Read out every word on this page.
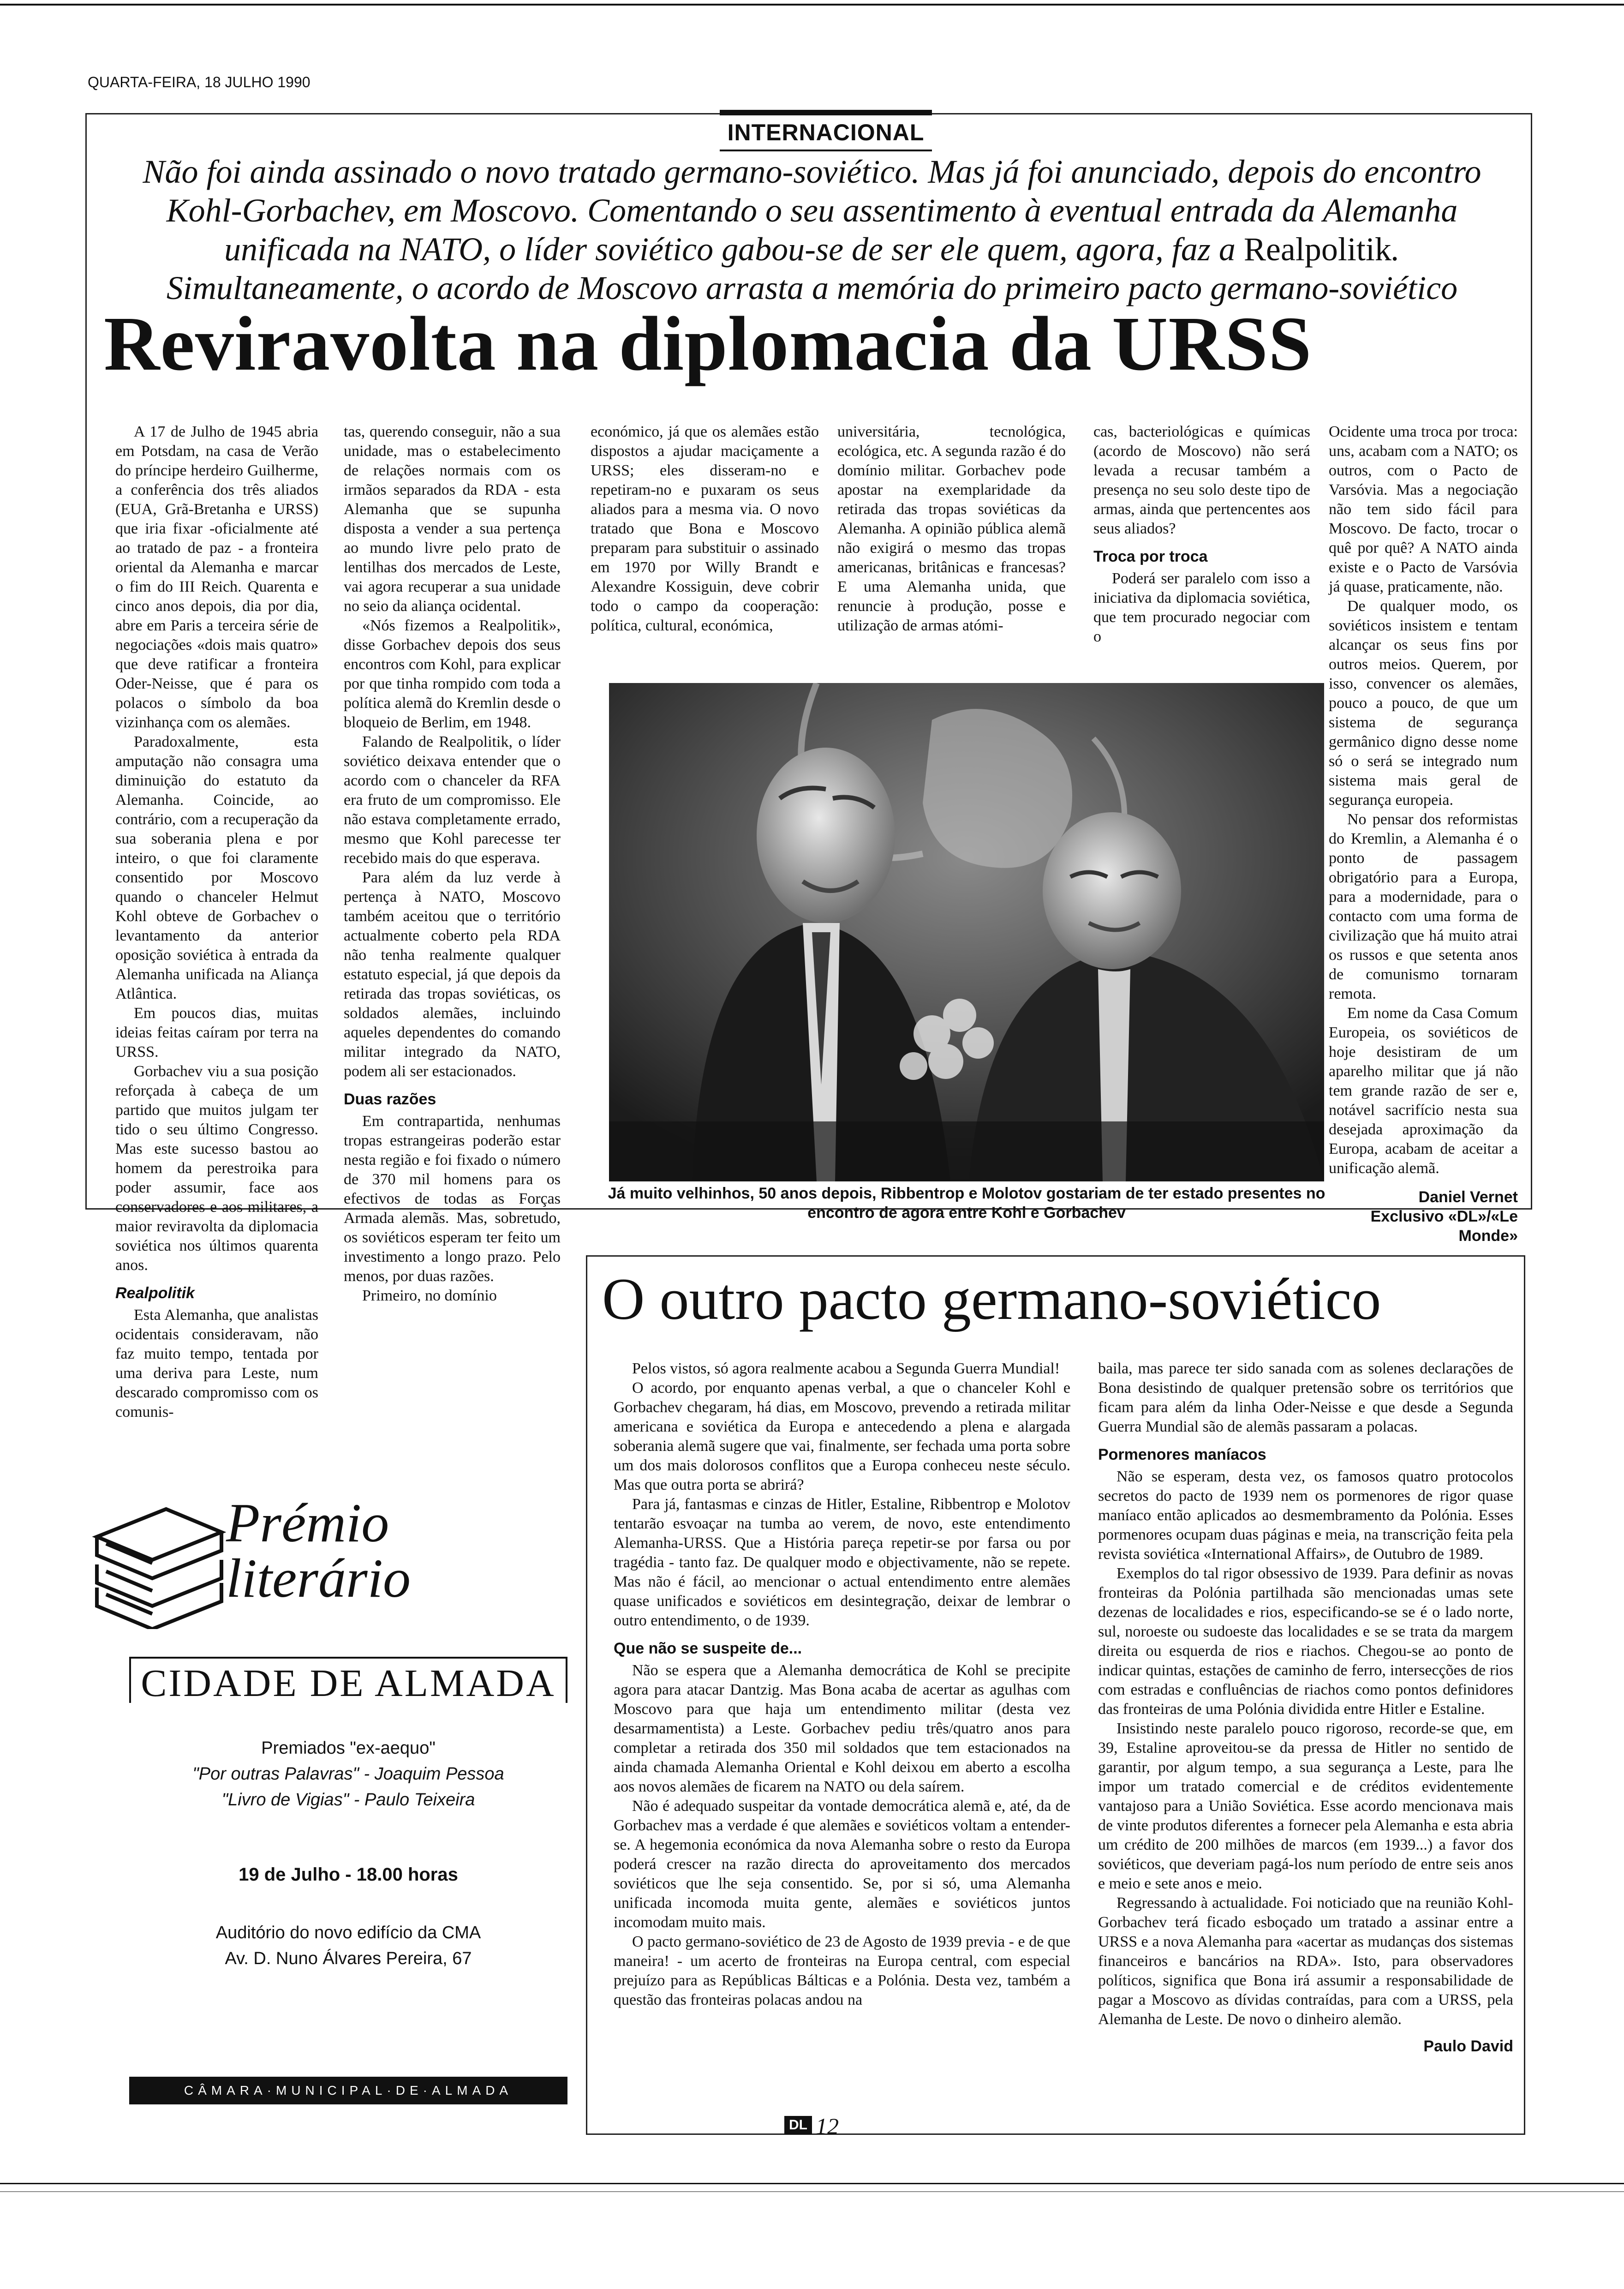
QUARTA-FEIRA, 18 JULHO 1990
INTERNACIONAL
Não foi ainda assinado o novo tratado germano-soviético. Mas já foi anunciado, depois do encontro Kohl-Gorbachev, em Moscovo. Comentando o seu assentimento à eventual entrada da Alemanha unificada na NATO, o líder soviético gabou-se de ser ele quem, agora, faz a Realpolitik. Simultaneamente, o acordo de Moscovo arrasta a memória do primeiro pacto germano-soviético
Reviravolta na diplomacia da URSS

A 17 de Julho de 1945 abria em Potsdam, na casa de Verão do príncipe herdeiro Guilherme, a conferência dos três aliados (EUA, Grã-Bretanha e URSS) que iria fixar -oficialmente até ao tratado de paz - a fronteira oriental da Alemanha e marcar o fim do III Reich. Quarenta e cinco anos depois, dia por dia, abre em Paris a terceira série de negociações «dois mais quatro» que deve ratificar a fronteira Oder-Neisse, que é para os polacos o símbolo da boa vizinhança com os alemães.

Paradoxalmente, esta amputação não consagra uma diminuição do estatuto da Alemanha. Coincide, ao contrário, com a recuperação da sua soberania plena e por inteiro, o que foi claramente consentido por Moscovo quando o chanceler Helmut Kohl obteve de Gorbachev o levantamento da anterior oposição soviética à entrada da Alemanha unificada na Aliança Atlântica.

Em poucos dias, muitas ideias feitas caíram por terra na URSS.

Gorbachev viu a sua posição reforçada à cabeça de um partido que muitos julgam ter tido o seu último Congresso. Mas este sucesso bastou ao homem da perestroika para poder assumir, face aos conservadores e aos militares, a maior reviravolta da diplomacia soviética nos últimos quarenta anos.

Realpolitik

Esta Alemanha, que analistas ocidentais consideravam, não faz muito tempo, tentada por uma deriva para Leste, num descarado compromisso com os comunis-

tas, querendo conseguir, não a sua unidade, mas o estabelecimento de relações normais com os irmãos separados da RDA - esta Alemanha que se supunha disposta a vender a sua pertença ao mundo livre pelo prato de lentilhas dos mercados de Leste, vai agora recuperar a sua unidade no seio da aliança ocidental.

«Nós fizemos a Realpolitik», disse Gorbachev depois dos seus encontros com Kohl, para explicar por que tinha rompido com toda a política alemã do Kremlin desde o bloqueio de Berlim, em 1948.

Falando de Realpolitik, o líder soviético deixava entender que o acordo com o chanceler da RFA era fruto de um compromisso. Ele não estava completamente errado, mesmo que Kohl parecesse ter recebido mais do que esperava.

Para além da luz verde à pertença à NATO, Moscovo também aceitou que o território actualmente coberto pela RDA não tenha realmente qualquer estatuto especial, já que depois da retirada das tropas soviéticas, os soldados alemães, incluindo aqueles dependentes do comando militar integrado da NATO, podem ali ser estacionados.

Duas razões

Em contrapartida, nenhumas tropas estrangeiras poderão estar nesta região e foi fixado o número de 370 mil homens para os efectivos de todas as Forças Armada alemãs. Mas, sobretudo, os soviéticos esperam ter feito um investimento a longo prazo. Pelo menos, por duas razões.

Primeiro, no domínio

económico, já que os alemães estão dispostos a ajudar maciçamente a URSS; eles disseram-no e repetiram-no e puxaram os seus aliados para a mesma via. O novo tratado que Bona e Moscovo preparam para substituir o assinado em 1970 por Willy Brandt e Alexandre Kossiguin, deve cobrir todo o campo da cooperação: política, cultural, económica,

universitária, tecnológica, ecológica, etc. A segunda razão é do domínio militar. Gorbachev pode apostar na exemplaridade da retirada das tropas soviéticas da Alemanha. A opinião pública alemã não exigirá o mesmo das tropas americanas, britânicas e francesas? E uma Alemanha unida, que renuncie à produção, posse e utilização de armas atómi-

cas, bacteriológicas e químicas (acordo de Moscovo) não será levada a recusar também a presença no seu solo deste tipo de armas, ainda que pertencentes aos seus aliados?

Troca por troca

Poderá ser paralelo com isso a iniciativa da diplomacia soviética, que tem procurado negociar com o

Ocidente uma troca por troca: uns, acabam com a NATO; os outros, com o Pacto de Varsóvia. Mas a negociação não tem sido fácil para Moscovo. De facto, trocar o quê por quê? A NATO ainda existe e o Pacto de Varsóvia já quase, praticamente, não.

De qualquer modo, os soviéticos insistem e tentam alcançar os seus fins por outros meios. Querem, por isso, convencer os alemães, pouco a pouco, de que um sistema de segurança germânico digno desse nome só o será se integrado num sistema mais geral de segurança europeia.

No pensar dos reformistas do Kremlin, a Alemanha é o ponto de passagem obrigatório para a Europa, para a modernidade, para o contacto com uma forma de civilização que há muito atrai os russos e que setenta anos de comunismo tornaram remota.

Em nome da Casa Comum Europeia, os soviéticos de hoje desistiram de um aparelho militar que já não tem grande razão de ser e, notável sacrifício nesta sua desejada aproximação da Europa, acabam de aceitar a unificação alemã.

Daniel Vernet
Exclusivo «DL»/«Le Monde»
Já muito velhinhos, 50 anos depois, Ribbentrop e Molotov gostariam de ter estado presentes no encontro de agora entre Kohl e Gorbachev
O outro pacto germano-soviético

Pelos vistos, só agora realmente acabou a Segunda Guerra Mundial!

O acordo, por enquanto apenas verbal, a que o chanceler Kohl e Gorbachev chegaram, há dias, em Moscovo, prevendo a retirada militar americana e soviética da Europa e antecedendo a plena e alargada soberania alemã sugere que vai, finalmente, ser fechada uma porta sobre um dos mais dolorosos conflitos que a Europa conheceu neste século. Mas que outra porta se abrirá?

Para já, fantasmas e cinzas de Hitler, Estaline, Ribbentrop e Molotov tentarão esvoaçar na tumba ao verem, de novo, este entendimento Alemanha-URSS. Que a História pareça repetir-se por farsa ou por tragédia - tanto faz. De qualquer modo e objectivamente, não se repete. Mas não é fácil, ao mencionar o actual entendimento entre alemães quase unificados e soviéticos em desintegração, deixar de lembrar o outro entendimento, o de 1939.

Que não se suspeite de...

Não se espera que a Alemanha democrática de Kohl se precipite agora para atacar Dantzig. Mas Bona acaba de acertar as agulhas com Moscovo para que haja um entendimento militar (desta vez desarmamentista) a Leste. Gorbachev pediu três/quatro anos para completar a retirada dos 350 mil soldados que tem estacionados na ainda chamada Alemanha Oriental e Kohl deixou em aberto a escolha aos novos alemães de ficarem na NATO ou dela saírem.

Não é adequado suspeitar da vontade democrática alemã e, até, da de Gorbachev mas a verdade é que alemães e soviéticos voltam a entender-se. A hegemonia económica da nova Alemanha sobre o resto da Europa poderá crescer na razão directa do aproveitamento dos mercados soviéticos que lhe seja consentido. Se, por si só, uma Alemanha unificada incomoda muita gente, alemães e soviéticos juntos incomodam muito mais.

O pacto germano-soviético de 23 de Agosto de 1939 previa - e de que maneira! - um acerto de fronteiras na Europa central, com especial prejuízo para as Repúblicas Bálticas e a Polónia. Desta vez, também a questão das fronteiras polacas andou na

baila, mas parece ter sido sanada com as solenes declarações de Bona desistindo de qualquer pretensão sobre os territórios que ficam para além da linha Oder-Neisse e que desde a Segunda Guerra Mundial são de alemãs passaram a polacas.

Pormenores maníacos

Não se esperam, desta vez, os famosos quatro protocolos secretos do pacto de 1939 nem os pormenores de rigor quase maníaco então aplicados ao desmembramento da Polónia. Esses pormenores ocupam duas páginas e meia, na transcrição feita pela revista soviética «International Affairs», de Outubro de 1989.

Exemplos do tal rigor obsessivo de 1939. Para definir as novas fronteiras da Polónia partilhada são mencionadas umas sete dezenas de localidades e rios, especificando-se se é o lado norte, sul, noroeste ou sudoeste das localidades e se se trata da margem direita ou esquerda de rios e riachos. Chegou-se ao ponto de indicar quintas, estações de caminho de ferro, intersecções de rios com estradas e confluências de riachos como pontos definidores das fronteiras de uma Polónia dividida entre Hitler e Estaline.

Insistindo neste paralelo pouco rigoroso, recorde-se que, em 39, Estaline aproveitou-se da pressa de Hitler no sentido de garantir, por algum tempo, a sua segurança a Leste, para lhe impor um tratado comercial e de créditos evidentemente vantajoso para a União Soviética. Esse acordo mencionava mais de vinte produtos diferentes a fornecer pela Alemanha e esta abria um crédito de 200 milhões de marcos (em 1939...) a favor dos soviéticos, que deveriam pagá-los num período de entre seis anos e meio e sete anos e meio.

Regressando à actualidade. Foi noticiado que na reunião Kohl-Gorbachev terá ficado esboçado um tratado a assinar entre a URSS e a nova Alemanha para «acertar as mudanças dos sistemas financeiros e bancários na RDA». Isto, para observadores políticos, significa que Bona irá assumir a responsabilidade de pagar a Moscovo as dívidas contraídas, para com a URSS, pela Alemanha de Leste. De novo o dinheiro alemão.

Paulo David
Prémio
literário
CIDADE DE ALMADA
Premiados "ex-aequo"
"Por outras Palavras" - Joaquim Pessoa
"Livro de Vigias" - Paulo Teixeira
19 de Julho - 18.00 horas
Auditório do novo edifício da CMA
Av. D. Nuno Álvares Pereira, 67
CÂMARA·MUNICIPAL·DE·ALMADA
DL 12
